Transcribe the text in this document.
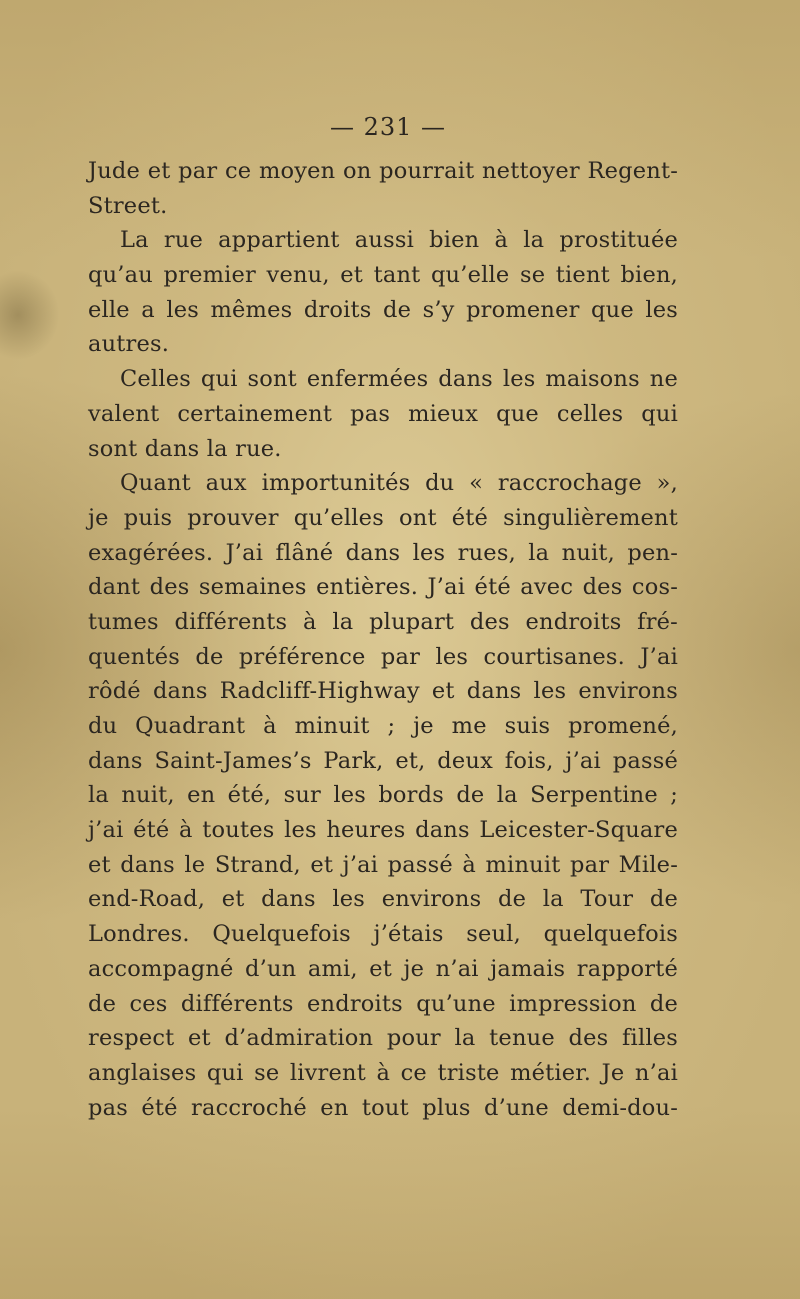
— 231 —
Jude et par ce moyen on pourrait nettoyer Regent-
Street.
La rue appartient aussi bien à la prostituée
qu’au premier venu, et tant qu’elle se tient bien,
elle a les mêmes droits de s’y promener que les
autres.
Celles qui sont enfermées dans les maisons ne
valent certainement pas mieux que celles qui
sont dans la rue.
Quant aux importunités du « raccrochage »,
je puis prouver qu’elles ont été singulièrement
exagérées. J’ai flâné dans les rues, la nuit, pen-
dant des semaines entières. J’ai été avec des cos-
tumes différents à la plupart des endroits fré-
quentés de préférence par les courtisanes. J’ai
rôdé dans Radcliff-Highway et dans les environs
du Quadrant à minuit ; je me suis promené,
dans Saint-James’s Park, et, deux fois, j’ai passé
la nuit, en été, sur les bords de la Serpentine ;
j’ai été à toutes les heures dans Leicester-Square
et dans le Strand, et j’ai passé à minuit par Mile-
end-Road, et dans les environs de la Tour de
Londres. Quelquefois j’étais seul, quelquefois
accompagné d’un ami, et je n’ai jamais rapporté
de ces différents endroits qu’une impression de
respect et d’admiration pour la tenue des filles
anglaises qui se livrent à ce triste métier. Je n’ai
pas été raccroché en tout plus d’une demi-dou-
